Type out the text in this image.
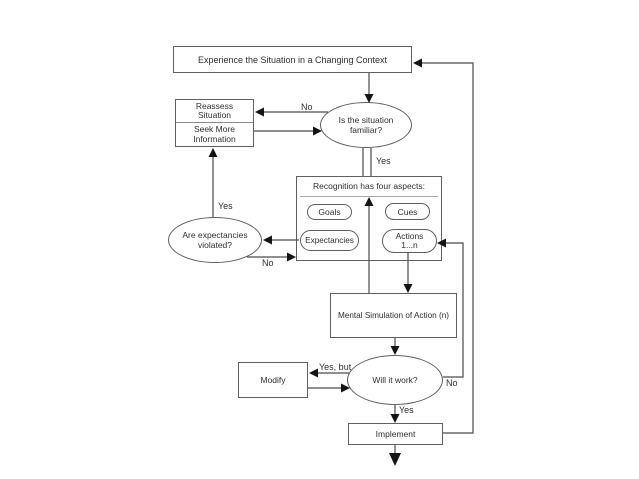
Experience the Situation in a Changing Context
Reassess Situation
Seek More Information
Is the situation familiar?
Recognition has four aspects:
Goals	Cues
Expectancies	Actions
1...n
Are expectancies violated?
Mental Simulation of Action (n)
Will it work?
Modify
Implement
No
Yes
Yes
No
Yes, but
No
Yes
